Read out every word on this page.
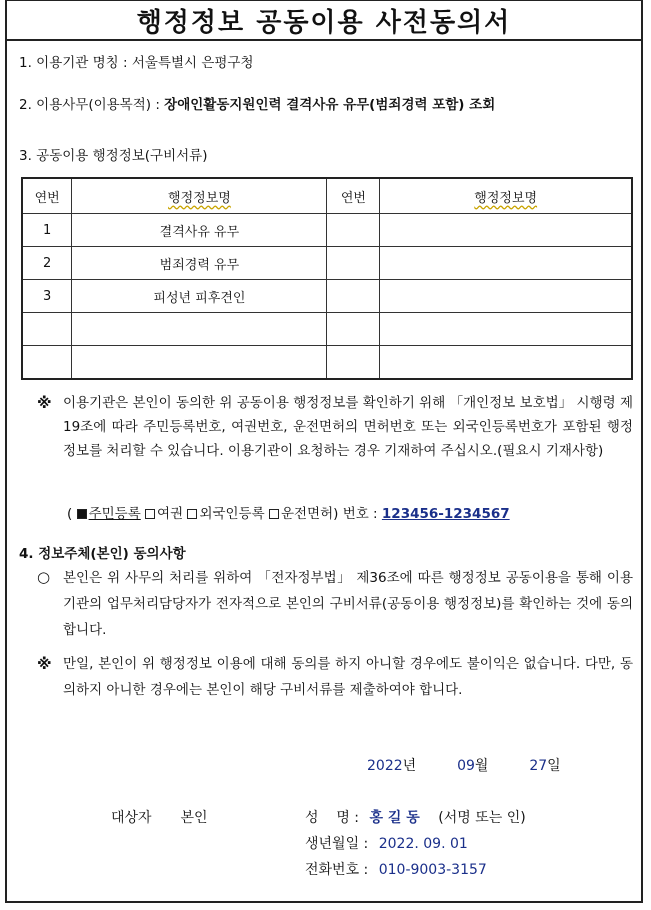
행정정보 공동이용 사전동의서
1. 이용기관 명칭 : 서울특별시 은평구청
2. 이용사무(이용목적) : 장애인활동지원인력 결격사유 유무(범죄경력 포함) 조회
3. 공동이용 행정정보(구비서류)
연번	행정정보명	연번	행정정보명
1	결격사유 유무		
2	범죄경력 유무		
3	피성년 피후견인		

※ 이용기관은 본인이 동의한 위 공동이용 행정정보를 확인하기 위해 「개인정보 보호법」 시행령 제19조에 따라 주민등록번호, 여권번호, 운전면허의 면허번호 또는 외국인등록번호가 포함된 행정정보를 처리할 수 있습니다. 이용기관이 요청하는 경우 기재하여 주십시오.(필요시 기재사항)
( 주민등록 여권 외국인등록 운전면허) 번호 : 123456-1234567
4. 정보주체(본인) 동의사항
○ 본인은 위 사무의 처리를 위하여 「전자정부법」 제36조에 따른 행정정보 공동이용을 통해 이용기관의 업무처리담당자가 전자적으로 본인의 구비서류(공동이용 행정정보)를 확인하는 것에 동의합니다.
※ 만일, 본인이 위 행정정보 이용에 대해 동의를 하지 아니할 경우에도 불이익은 없습니다. 다만, 동의하지 아니한 경우에는 본인이 해당 구비서류를 제출하여야 합니다.
2022년	09월	27일
대상자 본인	성    명 : 홍 길 동 (서명 또는 인)
생년월일 : 2022. 09. 01
전화번호 : 010-9003-3157
